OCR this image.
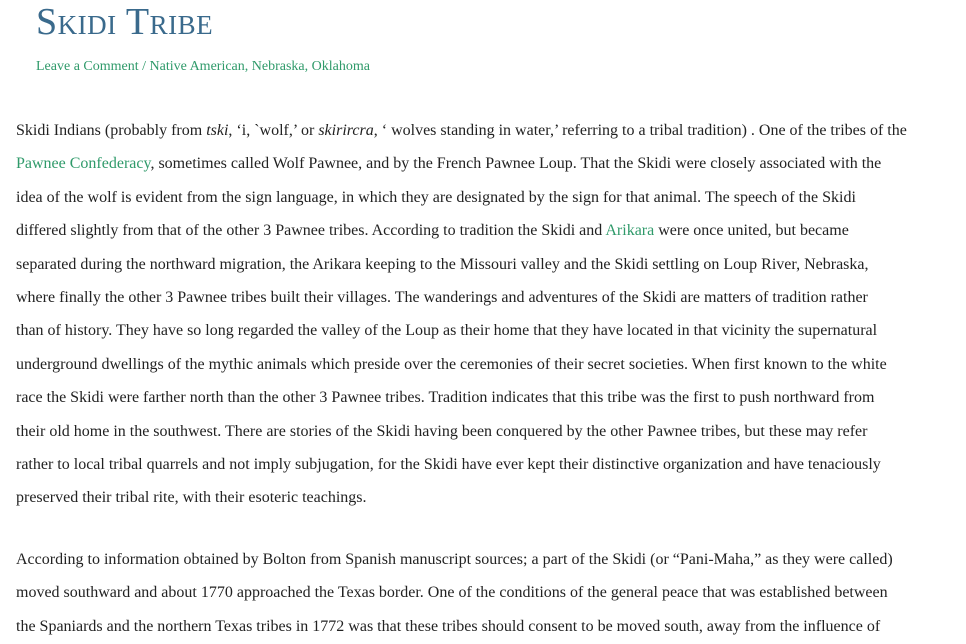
Skidi Tribe
Leave a Comment / Native American, Nebraska, Oklahoma

Skidi Indians (probably from tski, ‘i, `wolf,’ or skirircra, ‘ wolves standing in water,’ referring to a tribal tradition) . One of the tribes of the
Pawnee Confederacy, sometimes called Wolf Pawnee, and by the French Pawnee Loup. That the Skidi were closely associated with the
idea of the wolf is evident from the sign language, in which they are designated by the sign for that animal. The speech of the Skidi
differed slightly from that of the other 3 Pawnee tribes. According to tradition the Skidi and Arikara were once united, but became
separated during the northward migration, the Arikara keeping to the Missouri valley and the Skidi settling on Loup River, Nebraska,
where finally the other 3 Pawnee tribes built their villages. The wanderings and adventures of the Skidi are matters of tradition rather
than of history. They have so long regarded the valley of the Loup as their home that they have located in that vicinity the supernatural
underground dwellings of the mythic animals which preside over the ceremonies of their secret societies. When first known to the white
race the Skidi were farther north than the other 3 Pawnee tribes. Tradition indicates that this tribe was the first to push northward from
their old home in the southwest. There are stories of the Skidi having been conquered by the other Pawnee tribes, but these may refer
rather to local tribal quarrels and not imply subjugation, for the Skidi have ever kept their distinctive organization and have tenaciously
preserved their tribal rite, with their esoteric teachings.

According to information obtained by Bolton from Spanish manuscript sources; a part of the Skidi (or “Pani-Maha,” as they were called)
moved southward and about 1770 approached the Texas border. One of the conditions of the general peace that was established between
the Spaniards and the northern Texas tribes in 1772 was that these tribes should consent to be moved south, away from the influence of
